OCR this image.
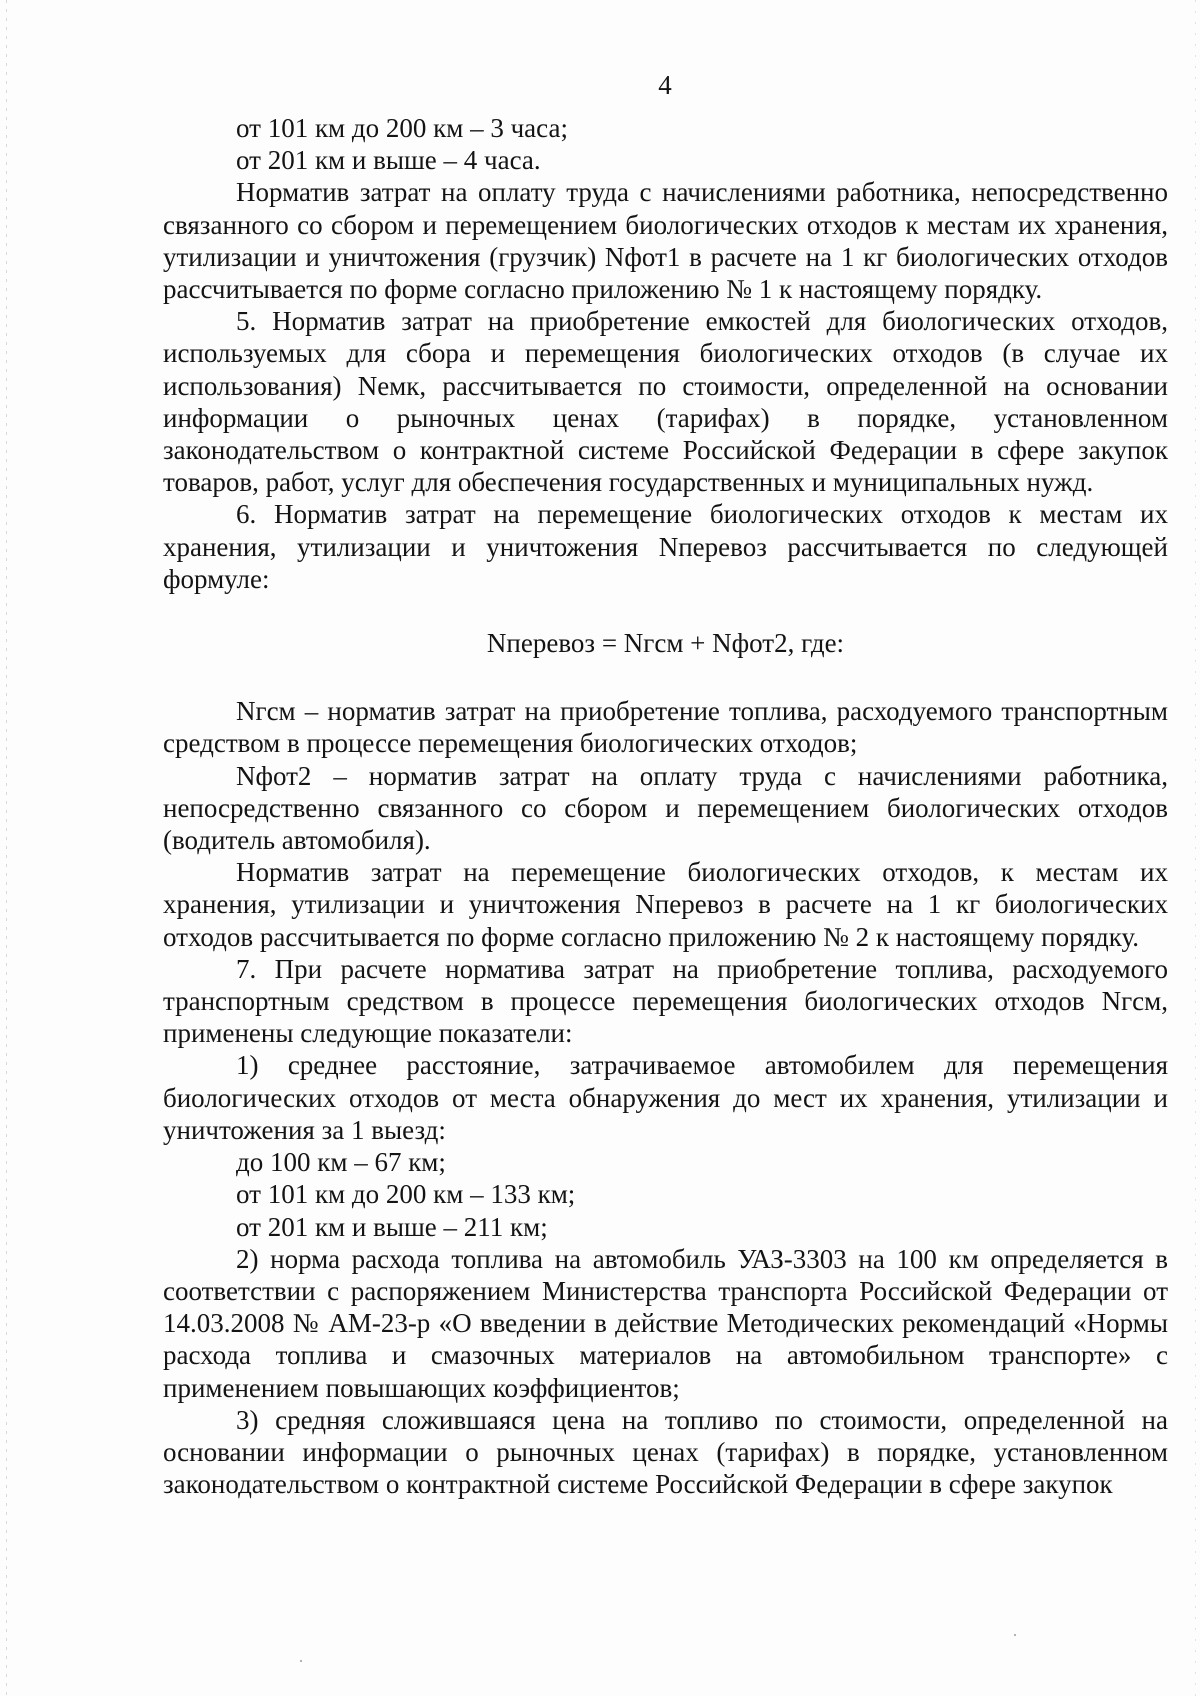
4

от 101 км до 200 км – 3 часа;

от 201 км и выше – 4 часа.

Норматив затрат на оплату труда с начислениями работника, непосредственно связанного со сбором и перемещением биологических отходов к местам их хранения, утилизации и уничтожения (грузчик) Nфот1 в расчете на 1 кг биологических отходов рассчитывается по форме согласно приложению № 1 к настоящему порядку.

5. Норматив затрат на приобретение емкостей для биологических отходов, используемых для сбора и перемещения биологических отходов (в случае их использования) Nемк, рассчитывается по стоимости, определенной на основании информации о рыночных ценах (тарифах) в порядке, установленном законодательством о контрактной системе Российской Федерации в сфере закупок товаров, работ, услуг для обеспечения государственных и муниципальных нужд.

6. Норматив затрат на перемещение биологических отходов к местам их хранения, утилизации и уничтожения Nперевоз рассчитывается по следующей формуле:

Nперевоз = Nгсм + Nфот2, где:

Nгсм – норматив затрат на приобретение топлива, расходуемого транспортным средством в процессе перемещения биологических отходов;

Nфот2 – норматив затрат на оплату труда с начислениями работника, непосредственно связанного со сбором и перемещением биологических отходов (водитель автомобиля).

Норматив затрат на перемещение биологических отходов, к местам их хранения, утилизации и уничтожения Nперевоз в расчете на 1 кг биологических отходов рассчитывается по форме согласно приложению № 2 к настоящему порядку.

7. При расчете норматива затрат на приобретение топлива, расходуемого транспортным средством в процессе перемещения биологических отходов Nгсм, применены следующие показатели:

1) среднее расстояние, затрачиваемое автомобилем для перемещения биологических отходов от места обнаружения до мест их хранения, утилизации и уничтожения за 1 выезд:

до 100 км – 67 км;

от 101 км до 200 км – 133 км;

от 201 км и выше – 211 км;

2) норма расхода топлива на автомобиль УАЗ-3303 на 100 км определяется в соответствии с распоряжением Министерства транспорта Российской Федерации от 14.03.2008 № АМ-23-р «О введении в действие Методических рекомендаций «Нормы расхода топлива и смазочных материалов на автомобильном транспорте» с применением повышающих коэффициентов;

3) средняя сложившаяся цена на топливо по стоимости, определенной на основании информации о рыночных ценах (тарифах) в порядке, установленном законодательством о контрактной системе Российской Федерации в сфере закупок
